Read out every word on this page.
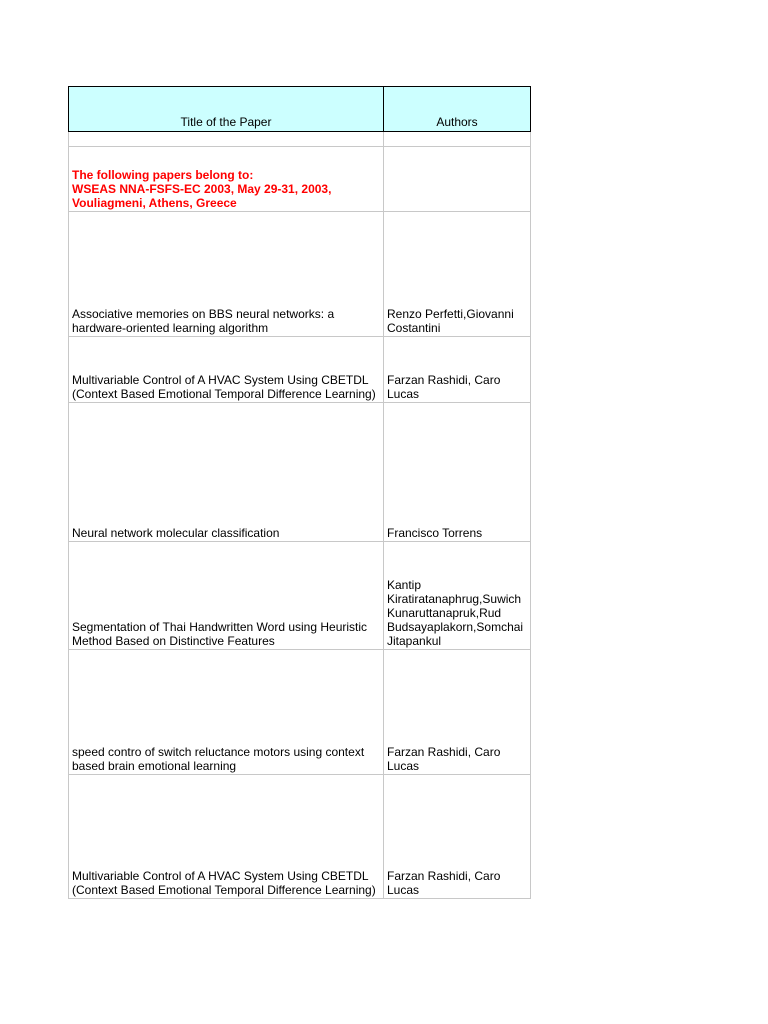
Title of the Paper	Authors

The following papers belong to:
WSEAS NNA-FSFS-EC 2003, May 29-31, 2003,
Vouliagmeni, Athens, Greece	

Associative memories on BBS neural networks: a hardware-oriented learning algorithm	Renzo Perfetti,Giovanni Costantini
Multivariable Control of A HVAC System Using CBETDL (Context Based Emotional Temporal Difference Learning)	Farzan Rashidi, Caro Lucas
Neural network molecular classification	Francisco Torrens
Segmentation of Thai Handwritten Word using Heuristic Method Based on Distinctive Features	Kantip Kiratiratanaphrug,Suwich Kunaruttanapruk,Rud Budsayaplakorn,Somchai Jitapankul
speed contro of switch reluctance motors using context based brain emotional learning	Farzan Rashidi, Caro Lucas
Multivariable Control of A HVAC System Using CBETDL (Context Based Emotional Temporal Difference Learning)	Farzan Rashidi, Caro Lucas
